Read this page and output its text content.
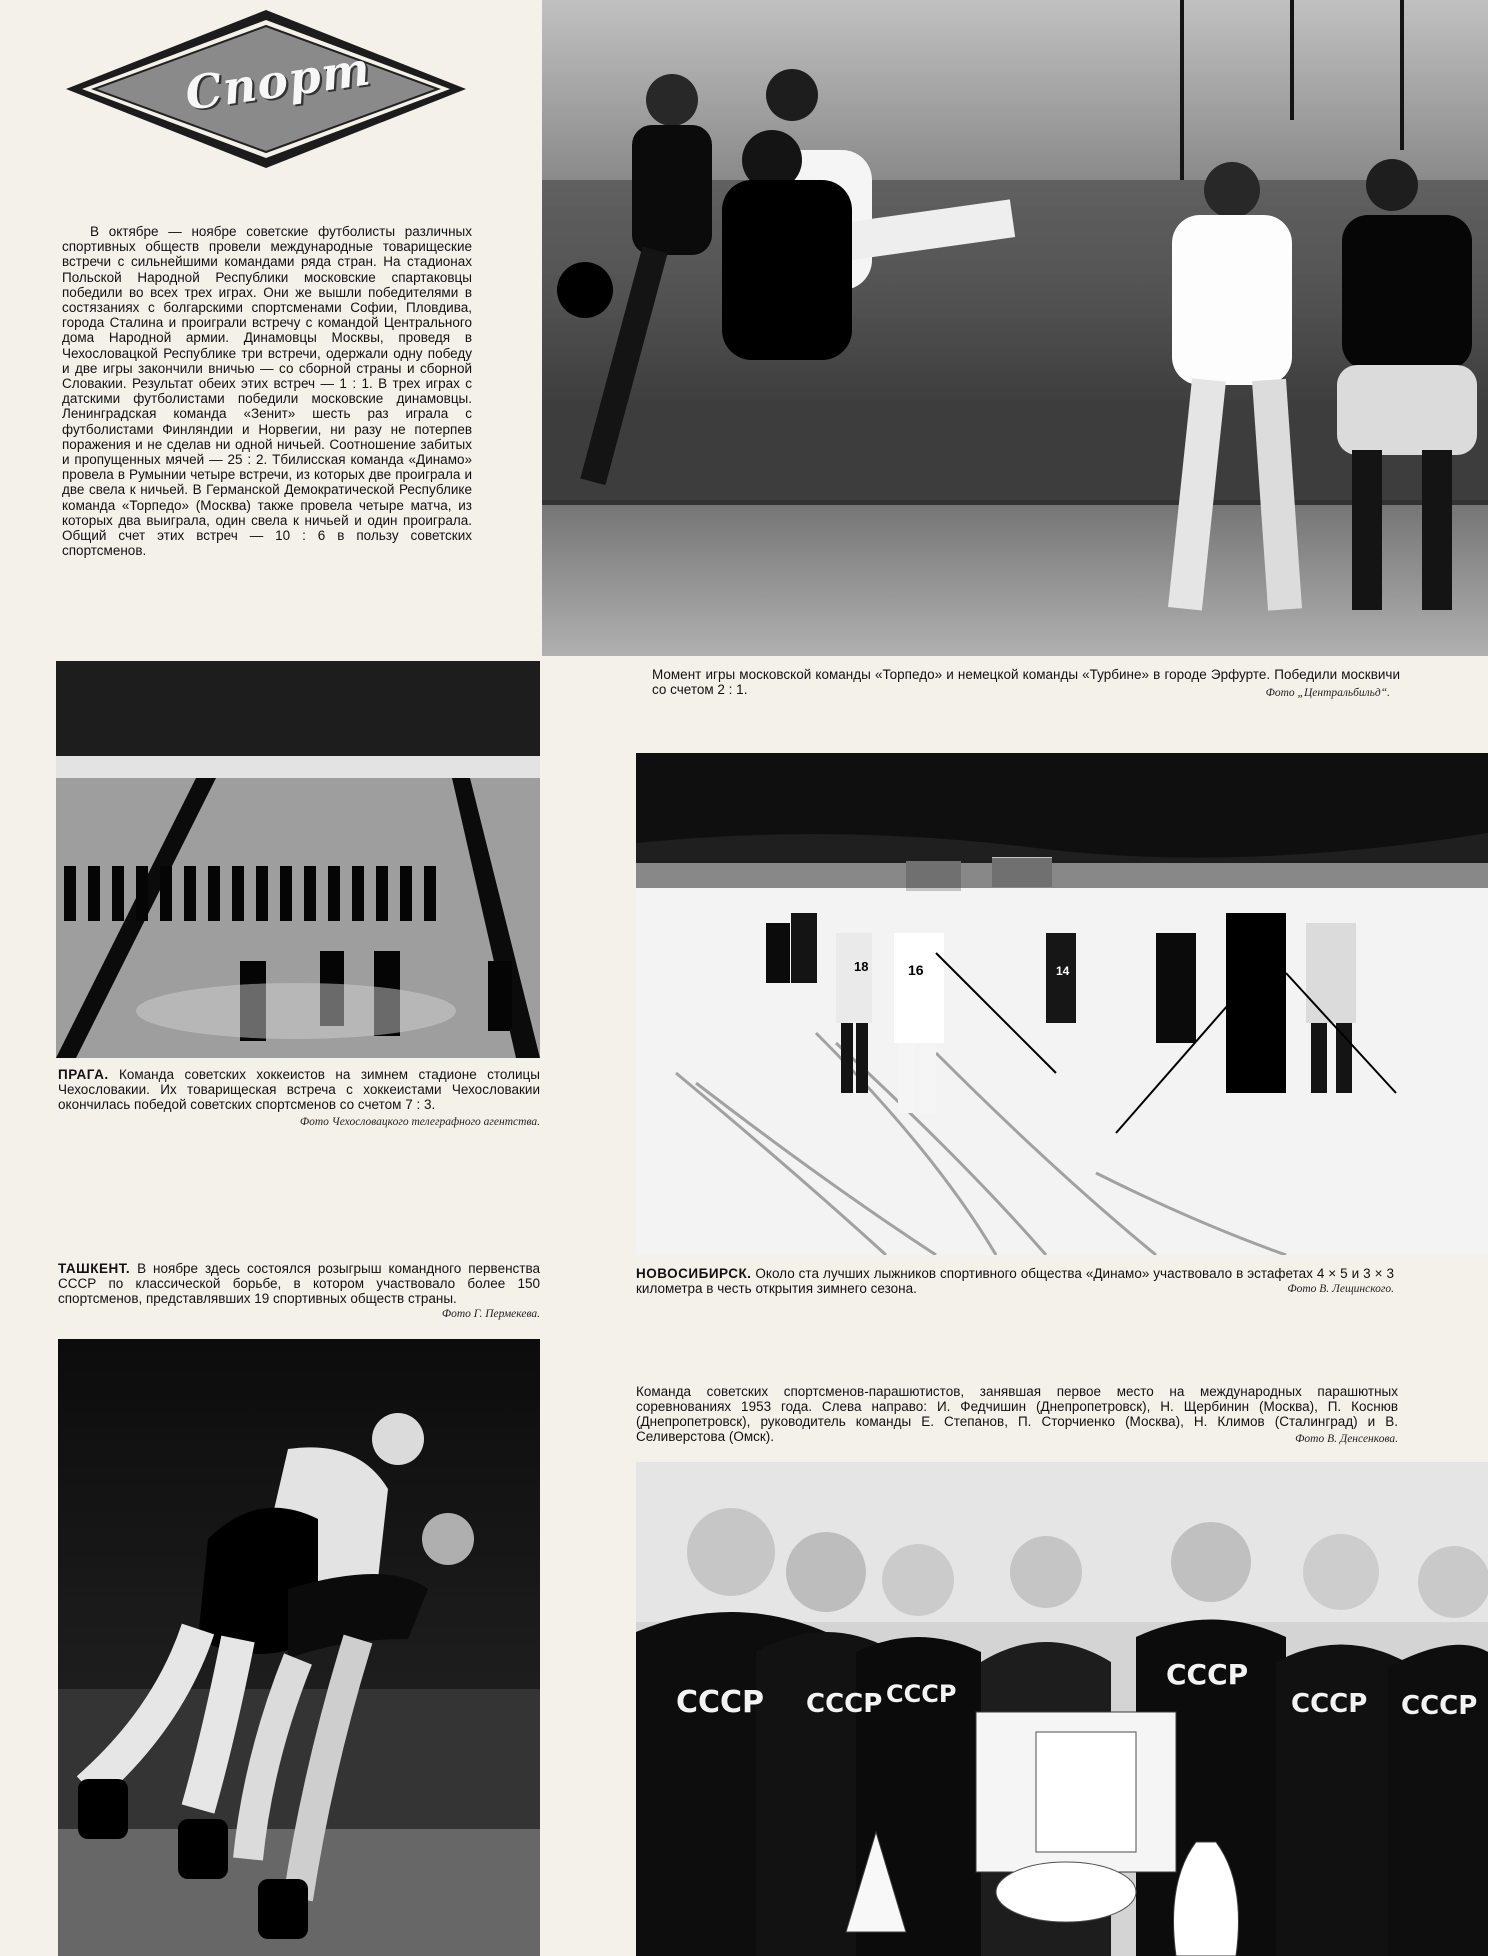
Спорт

В октябре — ноябре советские футболисты различных спортивных обществ провели международные товарищеские встречи с сильнейшими командами ряда стран. На стадионах Польской Народной Республики московские спартаковцы победили во всех трех играх. Они же вышли победителями в состязаниях с болгарскими спортсменами Софии, Пловдива, города Сталина и проиграли встречу с командой Центрального дома Народной армии. Динамовцы Москвы, проведя в Чехословацкой Республике три встречи, одержали одну победу и две игры закончили вничью — со сборной страны и сборной Словакии. Результат обеих этих встреч — 1 : 1. В трех играх с датскими футболистами победили московские динамовцы. Ленинградская команда «Зенит» шесть раз играла с футболистами Финляндии и Норвегии, ни разу не потерпев поражения и не сделав ни одной ничьей. Соотношение забитых и пропущенных мячей — 25 : 2. Тбилисская команда «Динамо» провела в Румынии четыре встречи, из которых две проиграла и две свела к ничьей. В Германской Демократической Республике команда «Торпедо» (Москва) также провела четыре матча, из которых два выиграла, один свела к ничьей и один проиграла. Общий счет этих встреч — 10 : 6 в пользу советских спортсменов.

Момент игры московской команды «Торпедо» и немецкой команды «Турбине» в городе Эрфурте. Победили москвичи со счетом 2 : 1.	Фото „Центральбильд“.

ПРАГА. Команда советских хоккеистов на зимнем стадионе столицы Чехословакии. Их товарищеская встреча с хоккеистами Чехословакии окончилась победой советских спортсменов со счетом 7 : 3.

Фото Чехословацкого телеграфного агентства.
18	16	14

НОВОСИБИРСК. Около ста лучших лыжников спортивного общества «Динамо» участвовало в эстафетах 4 × 5 и 3 × 3 километра в честь открытия зимнего сезона.	Фото В. Лещинского.

ТАШКЕНТ. В ноябре здесь состоялся розыгрыш командного первенства СССР по классической борьбе, в котором участвовало более 150 спортсменов, представлявших 19 спортивных обществ страны.

Фото Г. Пермекева.

Команда советских спортсменов-парашютистов, занявшая первое место на международных парашютных соревнованиях 1953 года. Слева направо: И. Федчишин (Днепропетровск), Н. Щербинин (Москва), П. Коснюв (Днепропетровск), руководитель команды Е. Степанов, П. Сторчиенко (Москва), Н. Климов (Сталинград) и В. Селиверстова (Омск).	Фото В. Денсенкова.
СССР СССР СССР
СССР
СССР СССР
